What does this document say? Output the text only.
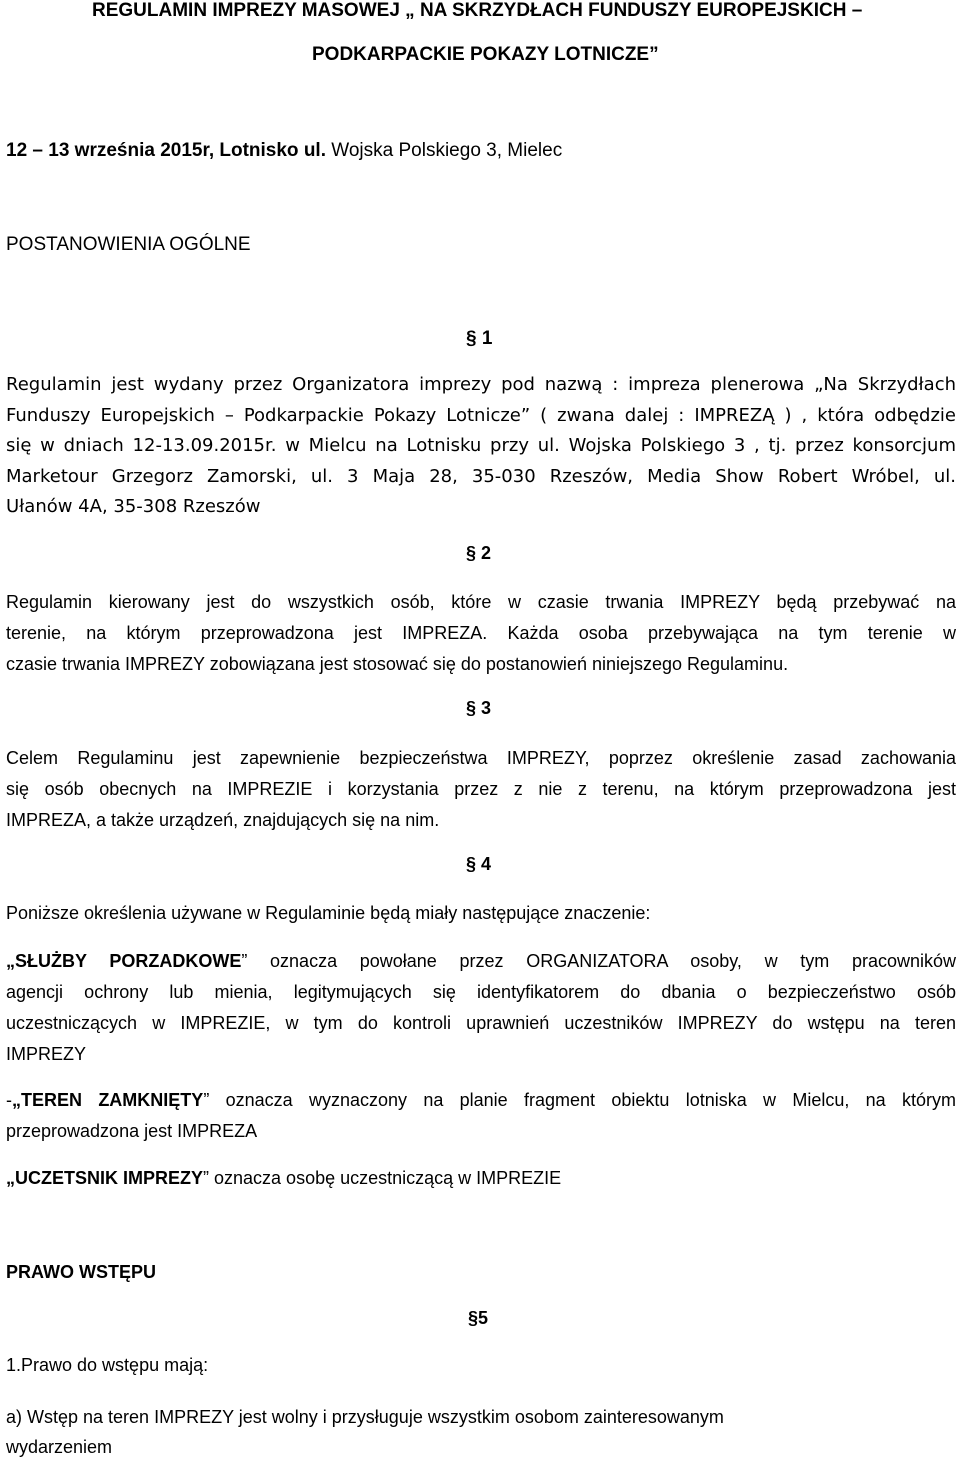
REGULAMIN IMPREZY MASOWEJ „ NA SKRZYDŁACH FUNDUSZY EUROPEJSKICH –
PODKARPACKIE POKAZY LOTNICZE”
12 – 13 września 2015r, Lotnisko ul. Wojska Polskiego 3, Mielec
POSTANOWIENIA OGÓLNE
§ 1
Regulamin jest wydany przez Organizatora imprezy pod nazwą : impreza plenerowa „Na Skrzydłach
Funduszy Europejskich – Podkarpackie Pokazy Lotnicze” ( zwana dalej : IMPREZĄ ) , która odbędzie
się w dniach 12-13.09.2015r. w Mielcu na Lotnisku przy ul. Wojska Polskiego 3 , tj. przez konsorcjum
Marketour Grzegorz Zamorski, ul. 3 Maja 28, 35-030 Rzeszów, Media Show Robert Wróbel, ul.
Ułanów 4A, 35-308 Rzeszów
§ 2
Regulamin kierowany jest do wszystkich osób, które w czasie trwania IMPREZY będą przebywać na
terenie, na którym przeprowadzona jest IMPREZA. Każda osoba przebywająca na tym terenie w
czasie trwania IMPREZY zobowiązana jest stosować się do postanowień niniejszego Regulaminu.
§ 3
Celem Regulaminu jest zapewnienie bezpieczeństwa IMPREZY, poprzez określenie zasad zachowania
się osób obecnych na IMPREZIE i korzystania przez z nie z terenu, na którym przeprowadzona jest
IMPREZA, a także urządzeń, znajdujących się na nim.
§ 4
Poniższe określenia używane w Regulaminie będą miały następujące znaczenie:
„SŁUŻBY PORZADKOWE” oznacza powołane przez ORGANIZATORA osoby, w tym pracowników
agencji ochrony lub mienia, legitymujących się identyfikatorem do dbania o bezpieczeństwo osób
uczestniczących w IMPREZIE, w tym do kontroli uprawnień uczestników IMPREZY do wstępu na teren
IMPREZY
-„TEREN ZAMKNIĘTY” oznacza wyznaczony na planie fragment obiektu lotniska w Mielcu, na którym
przeprowadzona jest IMPREZA
„UCZETSNIK IMPREZY” oznacza osobę uczestniczącą w IMPREZIE
PRAWO WSTĘPU
§5
1.Prawo do wstępu mają:
a) Wstęp na teren IMPREZY jest wolny i przysługuje wszystkim osobom zainteresowanym
wydarzeniem
